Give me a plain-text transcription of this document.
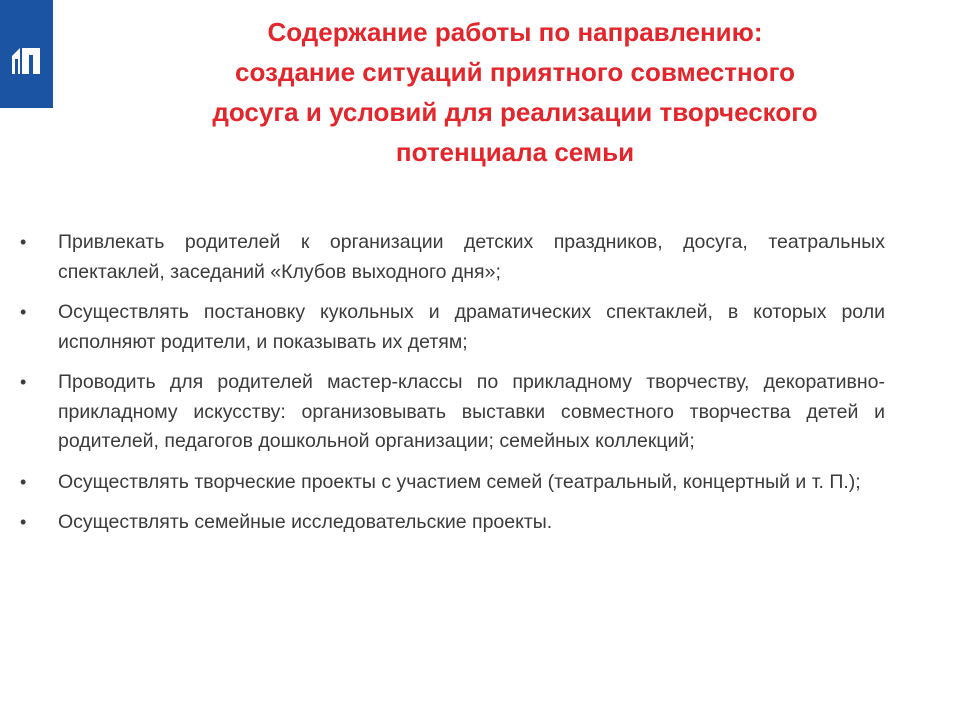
Содержание работы по направлению:
создание ситуаций приятного совместного
досуга и условий для реализации творческого
потенциала семьи
• Привлекать родителей к организации детских праздников, досуга, театральных спектаклей, заседаний «Клубов выходного дня»;
• Осуществлять постановку кукольных и драматических спектаклей, в которых роли исполняют родители, и показывать их детям;
• Проводить для родителей мастер-классы по прикладному творчеству, декоративно-прикладному искусству: организовывать выставки совместного творчества детей и родителей, педагогов дошкольной организации; семейных коллекций;
• Осуществлять творческие проекты с участием семей (театральный, концертный и т. П.);
• Осуществлять семейные исследовательские проекты.
